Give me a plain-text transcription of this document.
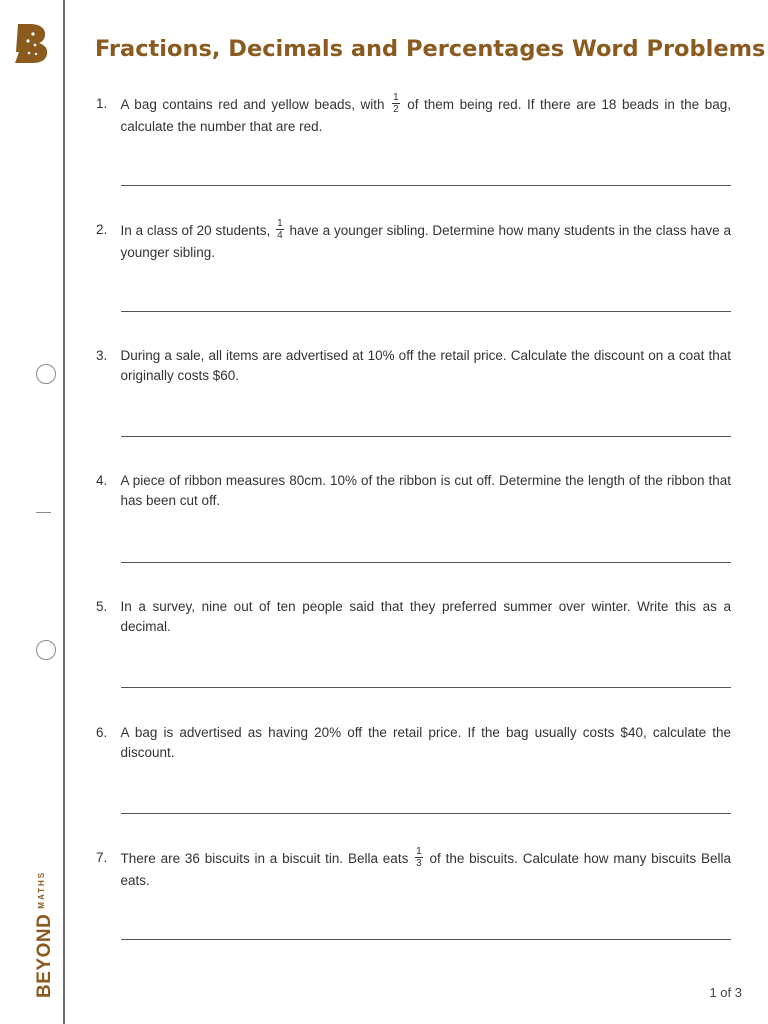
$BEYOND^{MATHS}$
Fractions, Decimals and Percentages Word Problems
1. A bag contains red and yellow beads, with $\frac{1}{2}$ of them being red. If there are 18 beads in the bag, calculate the number that are red.
2. In a class of 20 students, $\frac{1}{4}$ have a younger sibling. Determine how many students in the class have a younger sibling.
3. During a sale, all items are advertised at 10% off the retail price. Calculate the discount on a coat that originally costs $60.
4. A piece of ribbon measures 80cm. 10% of the ribbon is cut off. Determine the length of the ribbon that has been cut off.
5. In a survey, nine out of ten people said that they preferred summer over winter. Write this as a decimal.
6. A bag is advertised as having 20% off the retail price. If the bag usually costs $40, calculate the discount.
7. There are 36 biscuits in a biscuit tin. Bella eats $\frac{1}{3}$ of the biscuits. Calculate how many biscuits Bella eats.
1 of 3
